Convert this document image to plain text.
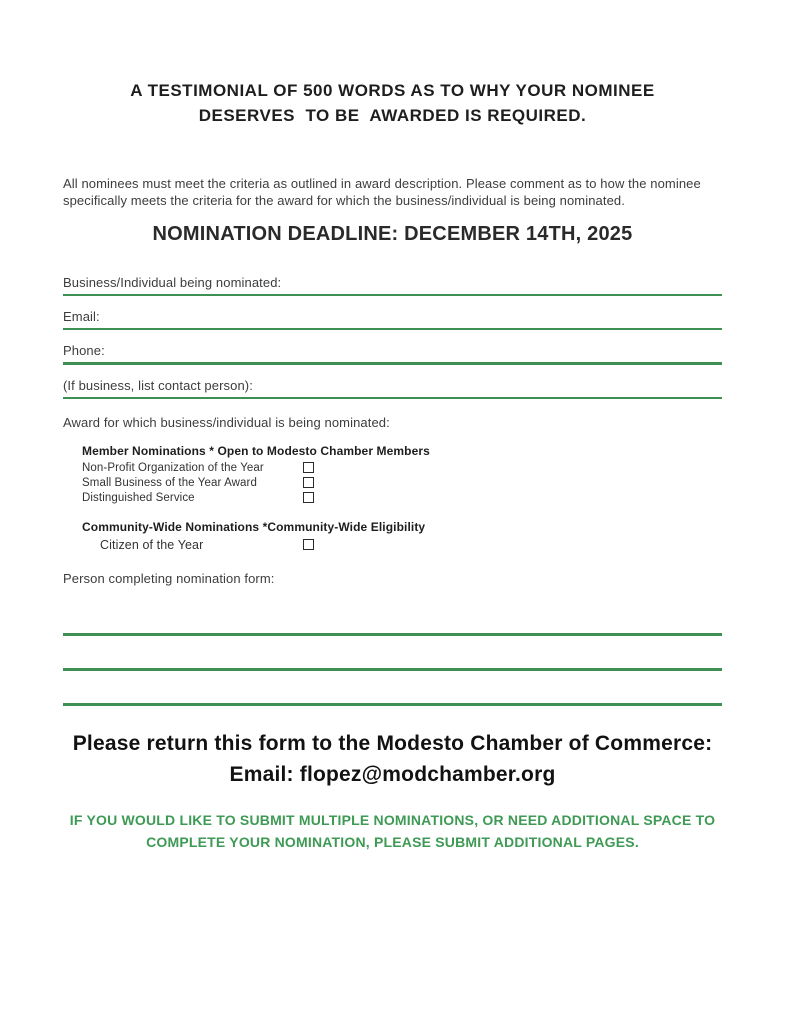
A TESTIMONIAL OF 500 WORDS AS TO WHY YOUR NOMINEE
DESERVES  TO BE  AWARDED IS REQUIRED.

All nominees must meet the criteria as outlined in award description. Please comment as to how the nominee specifically meets the criteria for the award for which the business/individual is being nominated.

NOMINATION DEADLINE: DECEMBER 14TH, 2025
Business/Individual being nominated:
Email:
Phone:
(If business, list contact person):
Award for which business/individual is being nominated:
Member Nominations * Open to Modesto Chamber Members
Non-Profit Organization of the Year
Small Business of the Year Award
Distinguished Service
Community-Wide Nominations *Community-Wide Eligibility
Citizen of the Year
Person completing nomination form:
Please return this form to the Modesto Chamber of Commerce:
Email: flopez@modchamber.org
IF YOU WOULD LIKE TO SUBMIT MULTIPLE NOMINATIONS, OR NEED ADDITIONAL SPACE TO
COMPLETE YOUR NOMINATION, PLEASE SUBMIT ADDITIONAL PAGES.
